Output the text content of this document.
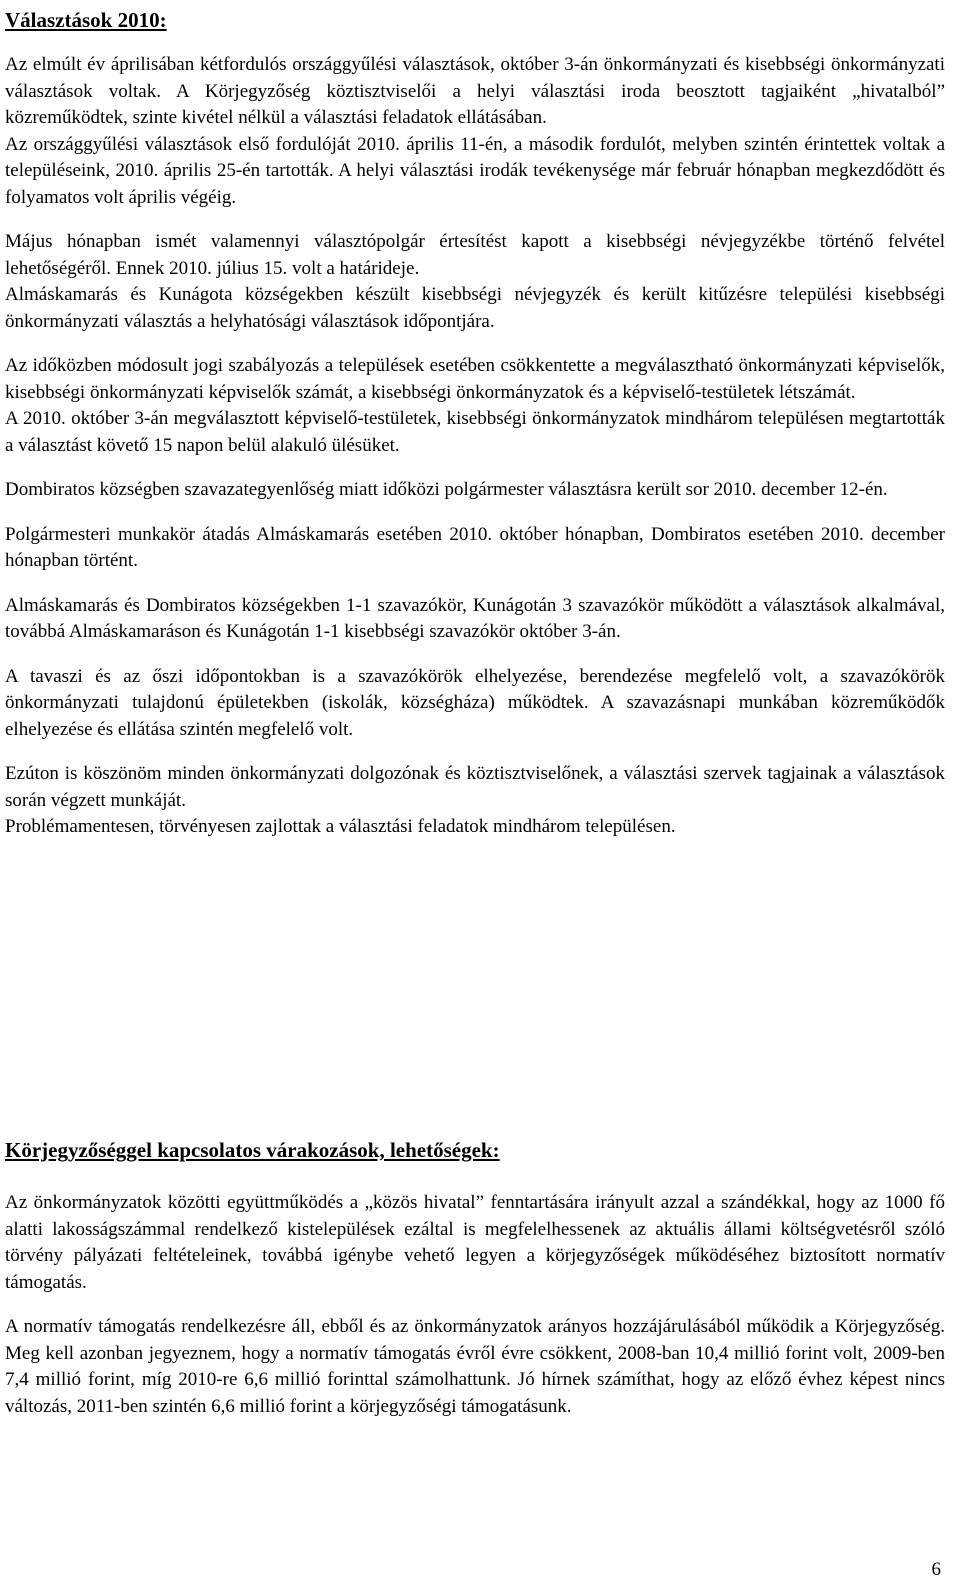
Választások 2010:

Az elmúlt év áprilisában kétfordulós országgyűlési választások, október 3-án önkormányzati és kisebbségi önkormányzati választások voltak. A Körjegyzőség köztisztviselői a helyi választási iroda beosztott tagjaiként „hivatalból” közreműködtek, szinte kivétel nélkül a választási feladatok ellátásában.

Az országgyűlési választások első fordulóját 2010. április 11-én, a második fordulót, melyben szintén érintettek voltak a településeink, 2010. április 25-én tartották. A helyi választási irodák tevékenysége már február hónapban megkezdődött és folyamatos volt április végéig.

Május hónapban ismét valamennyi választópolgár értesítést kapott a kisebbségi névjegyzékbe történő felvétel lehetőségéről. Ennek 2010. július 15. volt a határideje.

Almáskamarás és Kunágota községekben készült kisebbségi névjegyzék és került kitűzésre települési kisebbségi önkormányzati választás a helyhatósági választások időpontjára.

Az időközben módosult jogi szabályozás a települések esetében csökkentette a megválasztható önkormányzati képviselők, kisebbségi önkormányzati képviselők számát, a kisebbségi önkormányzatok és a képviselő-testületek létszámát.

A 2010. október 3-án megválasztott képviselő-testületek, kisebbségi önkormányzatok mindhárom településen megtartották a választást követő 15 napon belül alakuló ülésüket.

Dombiratos községben szavazategyenlőség miatt időközi polgármester választásra került sor 2010. december 12-én.

Polgármesteri munkakör átadás Almáskamarás esetében 2010. október hónapban, Dombiratos esetében 2010. december hónapban történt.

Almáskamarás és Dombiratos községekben 1-1 szavazókör, Kunágotán 3 szavazókör működött a választások alkalmával, továbbá Almáskamaráson és Kunágotán 1-1 kisebbségi szavazókör október 3-án.

A tavaszi és az őszi időpontokban is a szavazókörök elhelyezése, berendezése megfelelő volt, a szavazókörök önkormányzati tulajdonú épületekben (iskolák, községháza) működtek. A szavazásnapi munkában közreműködők elhelyezése és ellátása szintén megfelelő volt.

Ezúton is köszönöm minden önkormányzati dolgozónak és köztisztviselőnek, a választási szervek tagjainak a választások során végzett munkáját.

Problémamentesen, törvényesen zajlottak a választási feladatok mindhárom településen.

Körjegyzőséggel kapcsolatos várakozások, lehetőségek:

Az önkormányzatok közötti együttműködés a „közös hivatal” fenntartására irányult azzal a szándékkal, hogy az 1000 fő alatti lakosságszámmal rendelkező kistelepülések ezáltal is megfelelhessenek az aktuális állami költségvetésről szóló törvény pályázati feltételeinek, továbbá igénybe vehető legyen a körjegyzőségek működéséhez biztosított normatív támogatás.

A normatív támogatás rendelkezésre áll, ebből és az önkormányzatok arányos hozzájárulásából működik a Körjegyzőség. Meg kell azonban jegyeznem, hogy a normatív támogatás évről évre csökkent, 2008-ban 10,4 millió forint volt, 2009-ben 7,4 millió forint, míg 2010-re 6,6 millió forinttal számolhattunk. Jó hírnek számíthat, hogy az előző évhez képest nincs változás, 2011-ben szintén 6,6 millió forint a körjegyzőségi támogatásunk.

6
